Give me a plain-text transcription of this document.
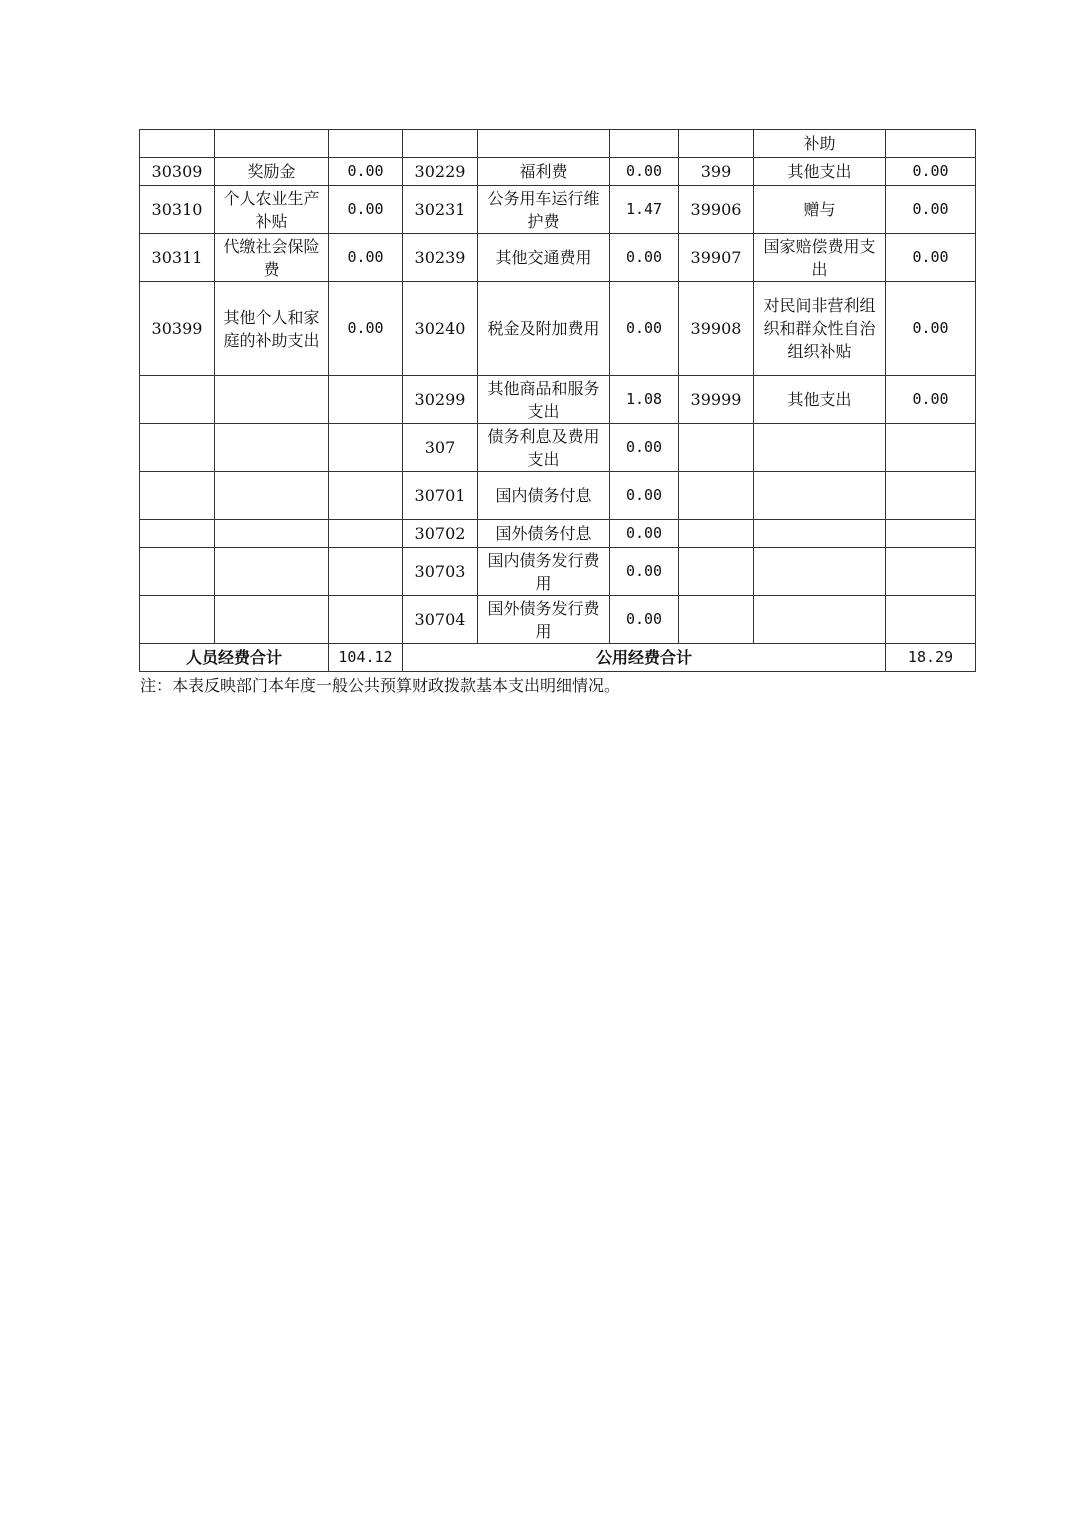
							补助	
30309	奖励金	0.00	30229	福利费	0.00	399	其他支出	0.00
30310	个人农业生产补贴	0.00	30231	公务用车运行维护费	1.47	39906	赠与	0.00
30311	代缴社会保险费	0.00	30239	其他交通费用	0.00	39907	国家赔偿费用支出	0.00
30399	其他个人和家庭的补助支出	0.00	30240	税金及附加费用	0.00	39908	对民间非营利组织和群众性自治组织补贴	0.00
			30299	其他商品和服务支出	1.08	39999	其他支出	0.00
			307	债务利息及费用支出	0.00			
			30701	国内债务付息	0.00			
			30702	国外债务付息	0.00			
			30703	国内债务发行费用	0.00			
			30704	国外债务发行费用	0.00			
人员经费合计		104.12	公用经费合计					18.29
注：本表反映部门本年度一般公共预算财政拨款基本支出明细情况。
